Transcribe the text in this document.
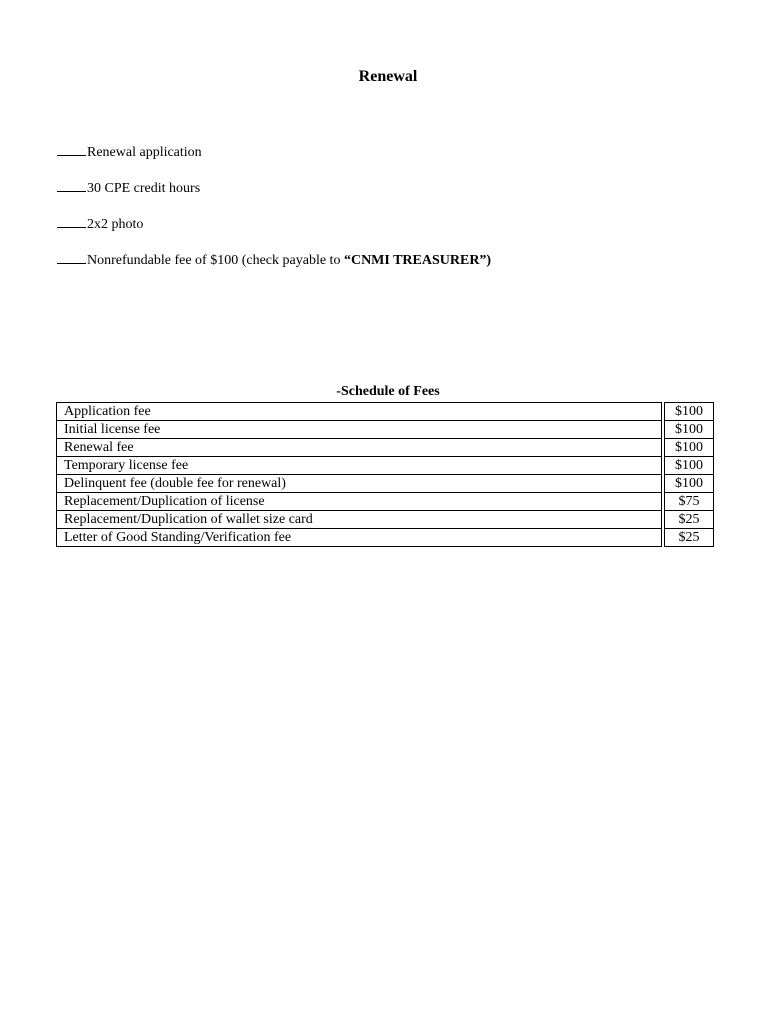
Renewal
Renewal application
30 CPE credit hours
2x2 photo
Nonrefundable fee of $100 (check payable to “CNMI TREASURER”)
-Schedule of Fees
Application fee		$100
Initial license fee		$100
Renewal fee		$100
Temporary license fee		$100
Delinquent fee (double fee for renewal)		$100
Replacement/Duplication of license		$75
Replacement/Duplication of wallet size card		$25
Letter of Good Standing/Verification fee		$25
